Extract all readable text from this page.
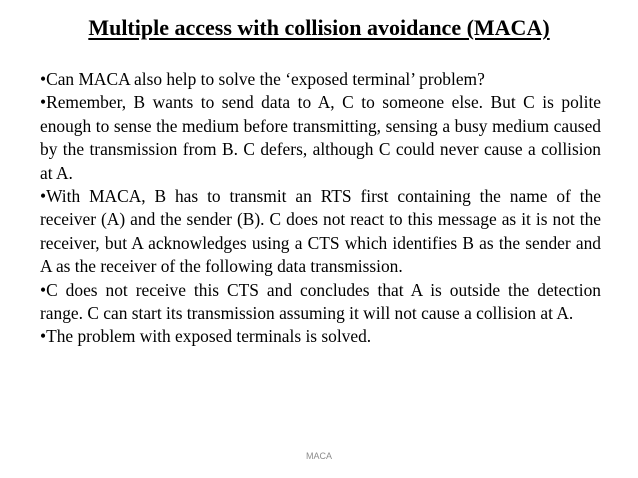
Multiple access with collision avoidance (MACA)

•Can MACA also help to solve the ‘exposed terminal’ problem?

•Remember, B wants to send data to A, C to someone else. But C is polite enough to sense the medium before transmitting, sensing a busy medium caused by the transmission from B. C defers, although C could never cause a collision at A.

•With MACA, B has to transmit an RTS first containing the name of the receiver (A) and the sender (B). C does not react to this message as it is not the receiver, but A acknowledges using a CTS which identifies B as the sender and A as the receiver of the following data transmission.

•C does not receive this CTS and concludes that A is outside the detection range. C can start its transmission assuming it will not cause a collision at A.

•The problem with exposed terminals is solved.

MACA
